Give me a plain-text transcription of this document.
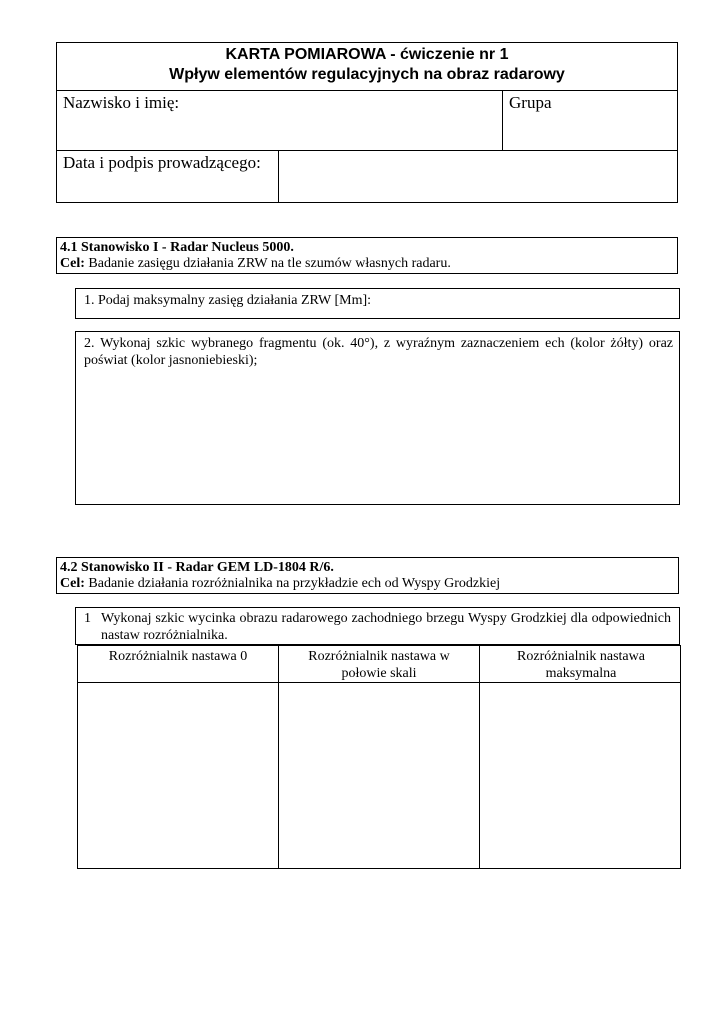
KARTA POMIAROWA - ćwiczenie nr 1
Wpływ elementów regulacyjnych na obraz radarowy
Nazwisko i imię:	Grupa
Data i podpis prowadzącego:
4.1 Stanowisko I - Radar Nucleus 5000.
Cel: Badanie zasięgu działania ZRW na tle szumów własnych radaru.
1. Podaj maksymalny zasięg działania ZRW [Mm]:
2. Wykonaj szkic wybranego fragmentu (ok. 40°), z wyraźnym zaznaczeniem ech (kolor żółty) oraz poświat (kolor jasnoniebieski);
4.2 Stanowisko II - Radar GEM LD-1804 R/6.
Cel: Badanie działania rozróżnialnika na przykładzie ech od Wyspy Grodzkiej
1 Wykonaj szkic wycinka obrazu radarowego zachodniego brzegu Wyspy Grodzkiej dla odpowiednich nastaw rozróżnialnika.
Rozróżnialnik nastawa 0	Rozróżnialnik nastawa w połowie skali
Rozróżnialnik nastawa maksymalna
